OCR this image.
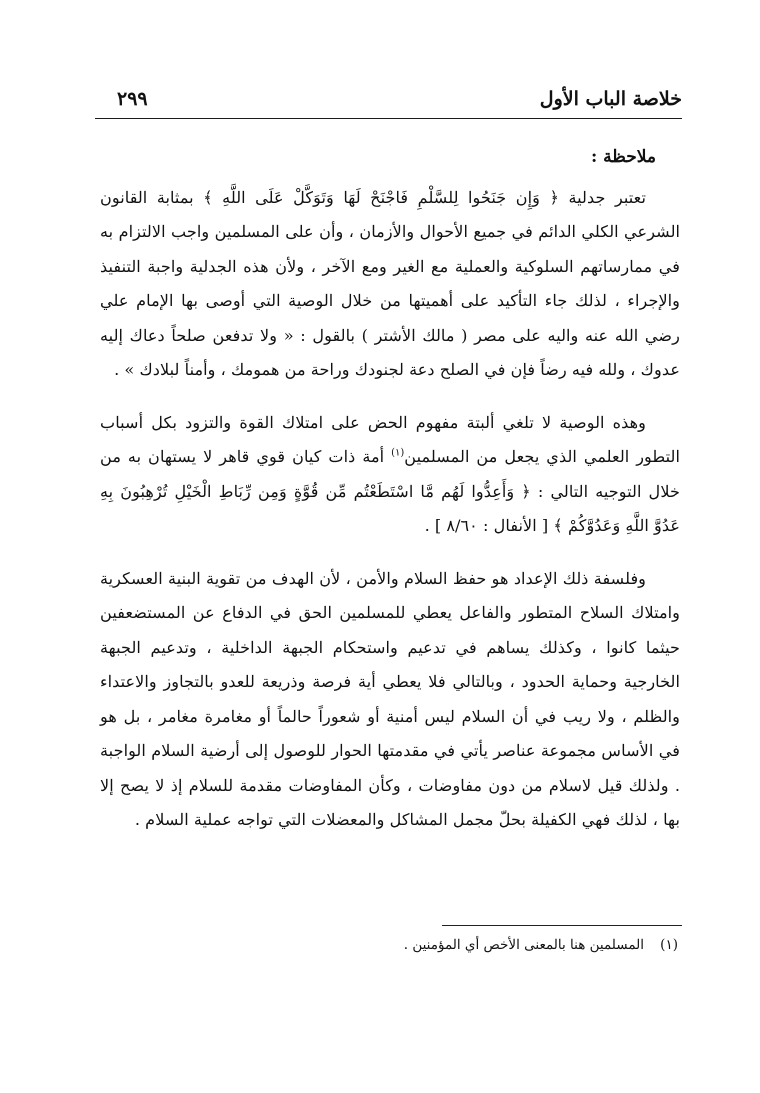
خلاصة الباب الأول
٢٩٩

ملاحظة :

تعتبر جدلية ﴿ وَإِن جَنَحُوا لِلسَّلْمِ فَاجْنَحْ لَهَا وَتَوَكَّلْ عَلَى اللَّهِ ﴾ بمثابة القانون الشرعي الكلي الدائم في جميع الأحوال والأزمان ، وأن على المسلمين واجب الالتزام به في ممارساتهم السلوكية والعملية مع الغير ومع الآخر ، ولأن هذه الجدلية واجبة التنفيذ والإجراء ، لذلك جاء التأكيد على أهميتها من خلال الوصية التي أوصى بها الإمام علي رضي الله عنه واليه على مصر ( مالك الأشتر ) بالقول : « ولا تدفعن صلحاً دعاك إليه عدوك ، ولله فيه رضاً فإن في الصلح دعة لجنودك وراحة من همومك ، وأمناً لبلادك » .

وهذه الوصية لا تلغي ألبتة مفهوم الحض على امتلاك القوة والتزود بكل أسباب التطور العلمي الذي يجعل من المسلمين$^{(١)}$ أمة ذات كيان قوي قاهر لا يستهان به من خلال التوجيه التالي : ﴿ وَأَعِدُّوا لَهُم مَّا اسْتَطَعْتُم مِّن قُوَّةٍ وَمِن رِّبَاطِ الْخَيْلِ تُرْهِبُونَ بِهِ عَدُوَّ اللَّهِ وَعَدُوَّكُمْ ﴾ [ الأنفال : ٨/٦٠ ] .

وفلسفة ذلك الإعداد هو حفظ السلام والأمن ، لأن الهدف من تقوية البنية العسكرية وامتلاك السلاح المتطور والفاعل يعطي للمسلمين الحق في الدفاع عن المستضعفين حيثما كانوا ، وكذلك يساهم في تدعيم واستحكام الجبهة الداخلية ، وتدعيم الجبهة الخارجية وحماية الحدود ، وبالتالي فلا يعطي أية فرصة وذريعة للعدو بالتجاوز والاعتداء والظلم ، ولا ريب في أن السلام ليس أمنية أو شعوراً حالماً أو مغامرة مغامر ، بل هو في الأساس مجموعة عناصر يأتي في مقدمتها الحوار للوصول إلى أرضية السلام الواجبة . ولذلك قيل لاسلام من دون مفاوضات ، وكأن المفاوضات مقدمة للسلام إذ لا يصح إلا بها ، لذلك فهي الكفيلة بحلّ مجمل المشاكل والمعضلات التي تواجه عملية السلام .

(١)المسلمين هنا بالمعنى الأخص أي المؤمنين .
